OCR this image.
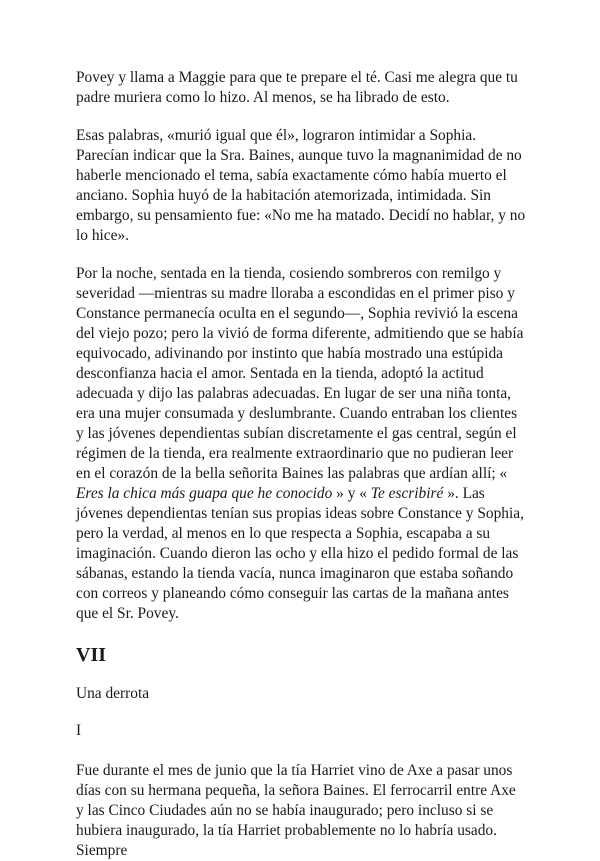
Povey y llama a Maggie para que te prepare el té. Casi me alegra que tu padre muriera como lo hizo. Al menos, se ha librado de esto.

Esas palabras, «murió igual que él», lograron intimidar a Sophia. Parecían indicar que la Sra. Baines, aunque tuvo la magnanimidad de no haberle mencionado el tema, sabía exactamente cómo había muerto el anciano. Sophia huyó de la habitación atemorizada, intimidada. Sin embargo, su pensamiento fue: «No me ha matado. Decidí no hablar, y no lo hice».

Por la noche, sentada en la tienda, cosiendo sombreros con remilgo y severidad —mientras su madre lloraba a escondidas en el primer piso y Constance permanecía oculta en el segundo—, Sophia revivió la escena del viejo pozo; pero la vivió de forma diferente, admitiendo que se había equivocado, adivinando por instinto que había mostrado una estúpida desconfianza hacia el amor. Sentada en la tienda, adoptó la actitud adecuada y dijo las palabras adecuadas. En lugar de ser una niña tonta, era una mujer consumada y deslumbrante. Cuando entraban los clientes y las jóvenes dependientas subían discretamente el gas central, según el régimen de la tienda, era realmente extraordinario que no pudieran leer en el corazón de la bella señorita Baines las palabras que ardían allí; « Eres la chica más guapa que he conocido » y « Te escribiré ». Las jóvenes dependientas tenían sus propias ideas sobre Constance y Sophia, pero la verdad, al menos en lo que respecta a Sophia, escapaba a su imaginación. Cuando dieron las ocho y ella hizo el pedido formal de las sábanas, estando la tienda vacía, nunca imaginaron que estaba soñando con correos y planeando cómo conseguir las cartas de la mañana antes que el Sr. Povey.

VII

Una derrota

I

Fue durante el mes de junio que la tía Harriet vino de Axe a pasar unos días con su hermana pequeña, la señora Baines. El ferrocarril entre Axe y las Cinco Ciudades aún no se había inaugurado; pero incluso si se hubiera inaugurado, la tía Harriet probablemente no lo habría usado. Siempre
